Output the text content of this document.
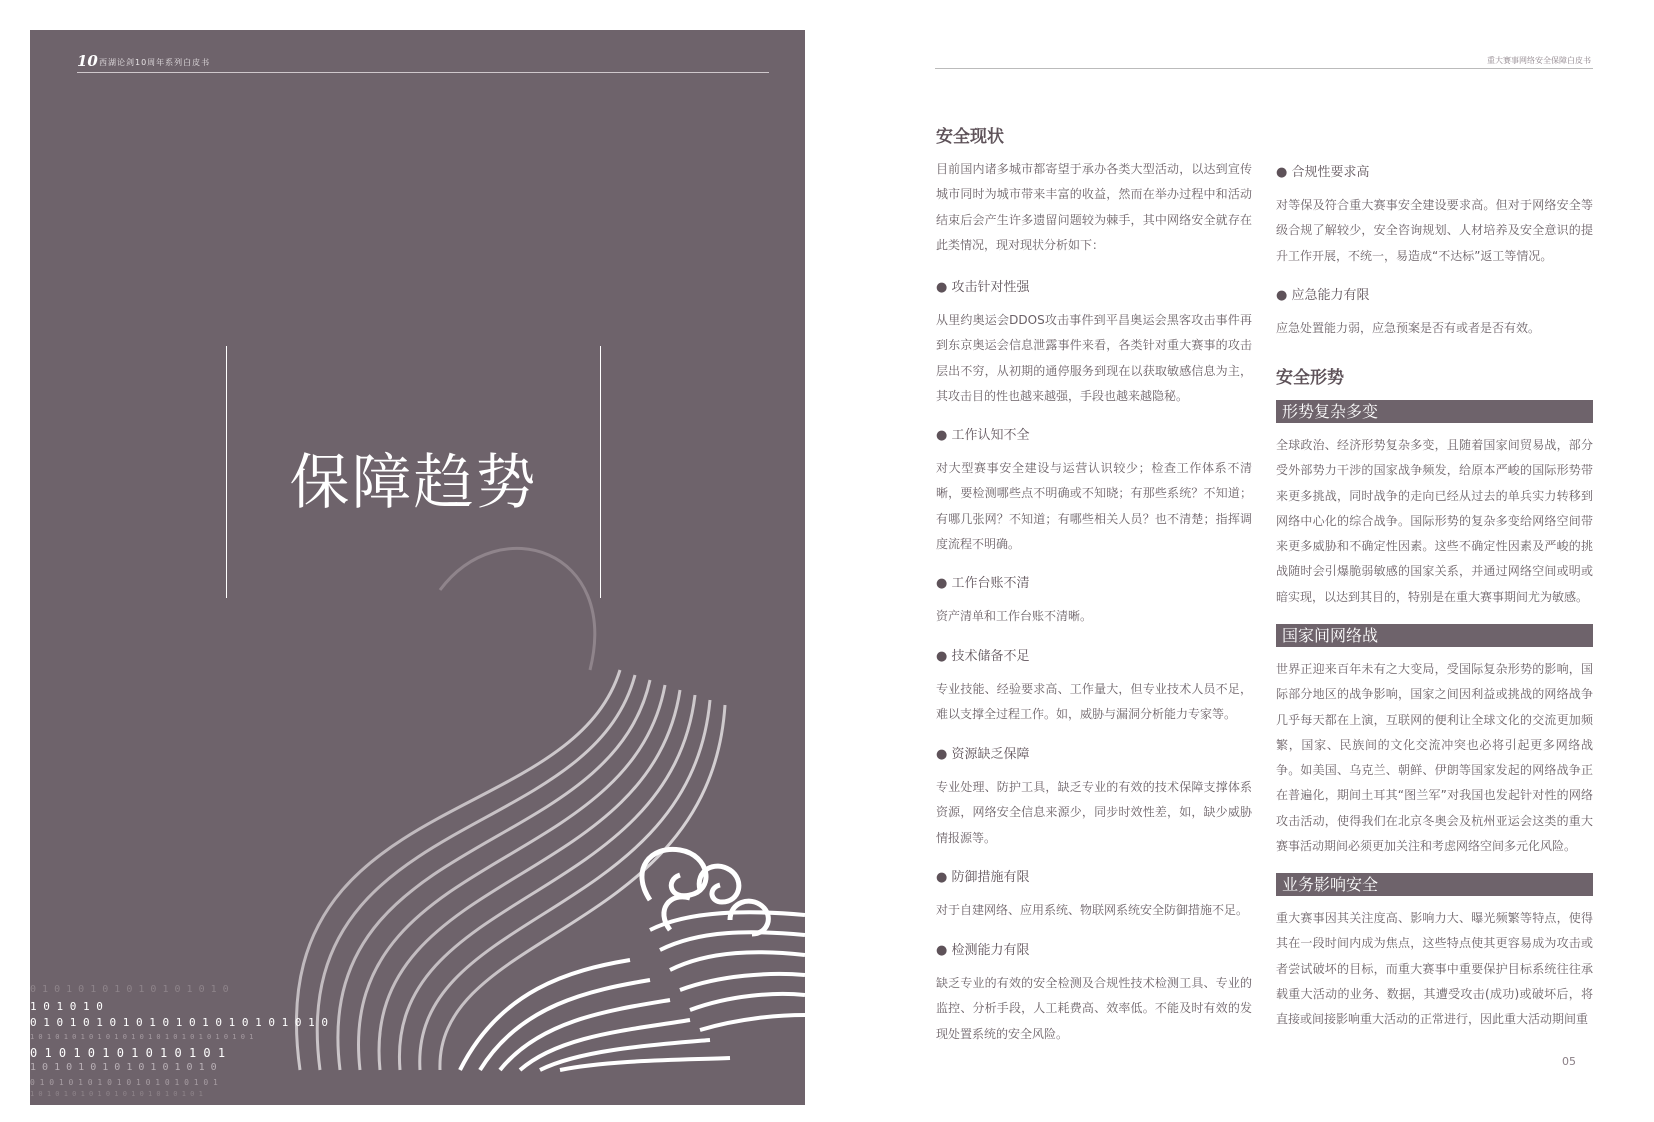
10 西湖论剑10周年系列白皮书
保障趋势
0 1 0 1 0 1 0 1 0 1 0 1 0 1 0 1 0
1 0 1 0 1 0
0 1 0 1 0 1 0 1 0 1 0 1 0 1 0 1 0 1 0 1 0 1 0
1 0 1 0 1 0 1 0 1 0 1 0 1 0 1 0 1 0 1 0 1 0 1 0 1 0 1
0 1 0 1 0 1 0 1 0 1 0 1 0 1
1 0 1 0 1 0 1 0 1 0 1 0 1 0 1 0
0 1 0 1 0 1 0 1 0 1 0 1 0 1 0 1 0 1 0 1
1 0 1 0 1 0 1 0 1 0 1 0 1 0 1 0 1 0 1 0 1
重大赛事网络安全保障白皮书
安全现状
目前国内诸多城市都寄望于承办各类大型活动，以达到宣传城市同时为城市带来丰富的收益，然而在举办过程中和活动结束后会产生许多遗留问题较为棘手，其中网络安全就存在此类情况，现对现状分析如下：
● 攻击针对性强
从里约奥运会DDOS攻击事件到平昌奥运会黑客攻击事件再到东京奥运会信息泄露事件来看，各类针对重大赛事的攻击层出不穷，从初期的通停服务到现在以获取敏感信息为主，其攻击目的性也越来越强，手段也越来越隐秘。
● 工作认知不全
对大型赛事安全建设与运营认识较少；检查工作体系不清晰，要检测哪些点不明确或不知晓；有那些系统？不知道；有哪几张网？不知道；有哪些相关人员？也不清楚；指挥调度流程不明确。
● 工作台账不清
资产清单和工作台账不清晰。
● 技术储备不足
专业技能、经验要求高、工作量大，但专业技术人员不足，难以支撑全过程工作。如，威胁与漏洞分析能力专家等。
● 资源缺乏保障
专业处理、防护工具，缺乏专业的有效的技术保障支撑体系资源，网络安全信息来源少，同步时效性差，如，缺少威胁情报源等。
● 防御措施有限
对于自建网络、应用系统、物联网系统安全防御措施不足。
● 检测能力有限
缺乏专业的有效的安全检测及合规性技术检测工具、专业的监控、分析手段，人工耗费高、效率低。不能及时有效的发现处置系统的安全风险。
● 合规性要求高
对等保及符合重大赛事安全建设要求高。但对于网络安全等级合规了解较少，安全咨询规划、人材培养及安全意识的提升工作开展，不统一，易造成“不达标”返工等情况。
● 应急能力有限
应急处置能力弱，应急预案是否有或者是否有效。
安全形势
形势复杂多变
全球政治、经济形势复杂多变，且随着国家间贸易战，部分受外部势力干涉的国家战争频发，给原本严峻的国际形势带来更多挑战，同时战争的走向已经从过去的单兵实力转移到网络中心化的综合战争。国际形势的复杂多变给网络空间带来更多威胁和不确定性因素。这些不确定性因素及严峻的挑战随时会引爆脆弱敏感的国家关系，并通过网络空间或明或暗实现，以达到其目的，特别是在重大赛事期间尤为敏感。
国家间网络战
世界正迎来百年未有之大变局，受国际复杂形势的影响，国际部分地区的战争影响，国家之间因利益或挑战的网络战争几乎每天都在上演，互联网的便利让全球文化的交流更加频繁，国家、民族间的文化交流冲突也必将引起更多网络战争。如美国、乌克兰、朝鲜、伊朗等国家发起的网络战争正在普遍化，期间土耳其“图兰军”对我国也发起针对性的网络攻击活动，使得我们在北京冬奥会及杭州亚运会这类的重大赛事活动期间必须更加关注和考虑网络空间多元化风险。
业务影响安全
重大赛事因其关注度高、影响力大、曝光频繁等特点，使得其在一段时间内成为焦点，这些特点使其更容易成为攻击或者尝试破坏的目标，而重大赛事中重要保护目标系统往往承载重大活动的业务、数据，其遭受攻击(成功)或破坏后，将直接或间接影响重大活动的正常进行，因此重大活动期间重
05
